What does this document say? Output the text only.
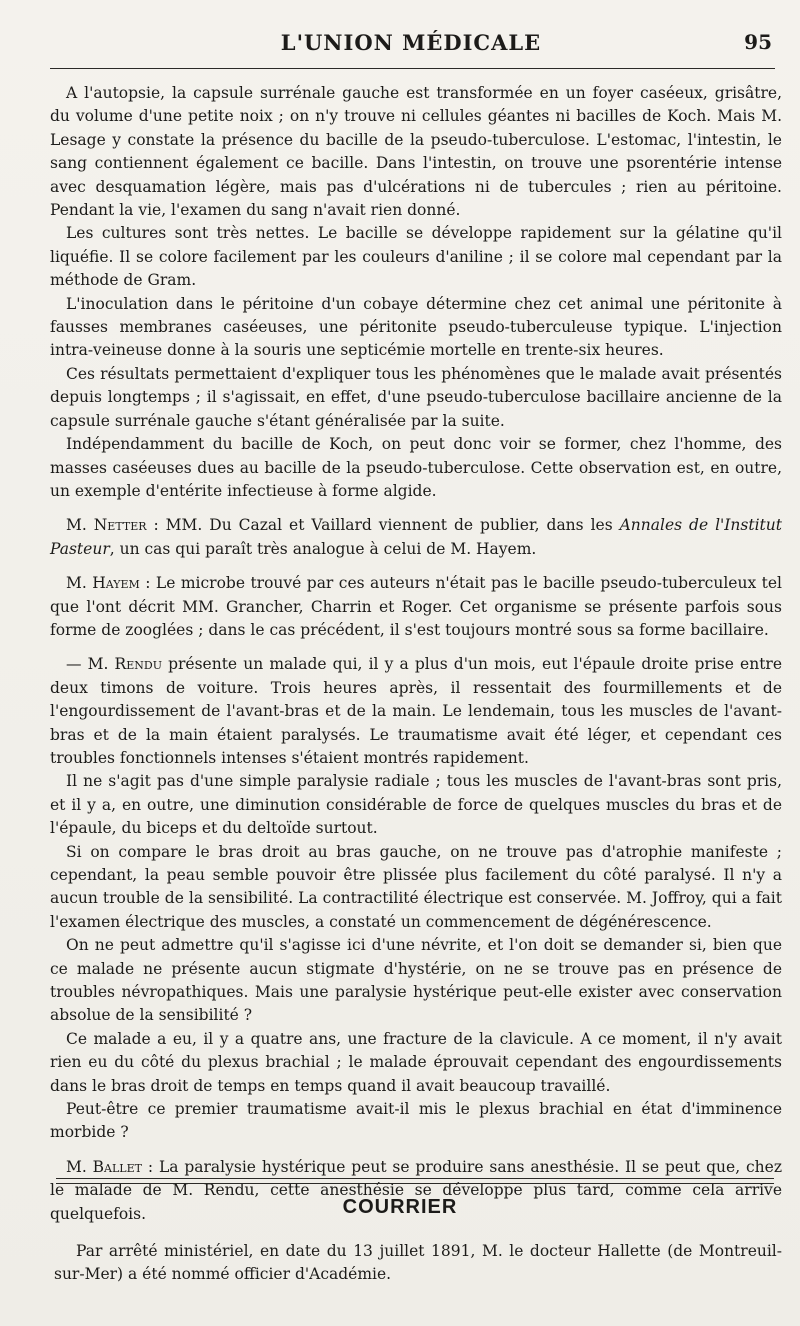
L'UNION MÉDICALE	95

A l'autopsie, la capsule surrénale gauche est transformée en un foyer caséeux, grisâtre, du volume d'une petite noix ; on n'y trouve ni cellules géantes ni bacilles de Koch. Mais M. Lesage y constate la présence du bacille de la pseudo-tuberculose. L'estomac, l'intestin, le sang contiennent également ce bacille. Dans l'intestin, on trouve une psorentérie intense avec desquamation légère, mais pas d'ulcérations ni de tubercules ; rien au péritoine. Pendant la vie, l'examen du sang n'avait rien donné.

Les cultures sont très nettes. Le bacille se développe rapidement sur la gélatine qu'il liquéfie. Il se colore facilement par les couleurs d'aniline ; il se colore mal cependant par la méthode de Gram.

L'inoculation dans le péritoine d'un cobaye détermine chez cet animal une péritonite à fausses membranes caséeuses, une péritonite pseudo-tuberculeuse typique. L'injection intra-veineuse donne à la souris une septicémie mortelle en trente-six heures.

Ces résultats permettaient d'expliquer tous les phénomènes que le malade avait présentés depuis longtemps ; il s'agissait, en effet, d'une pseudo-tuberculose bacillaire ancienne de la capsule surrénale gauche s'étant généralisée par la suite.

Indépendamment du bacille de Koch, on peut donc voir se former, chez l'homme, des masses caséeuses dues au bacille de la pseudo-tuberculose. Cette observation est, en outre, un exemple d'entérite infectieuse à forme algide.

M. Netter : MM. Du Cazal et Vaillard viennent de publier, dans les Annales de l'Institut Pasteur, un cas qui paraît très analogue à celui de M. Hayem.

M. Hayem : Le microbe trouvé par ces auteurs n'était pas le bacille pseudo-tuberculeux tel que l'ont décrit MM. Grancher, Charrin et Roger. Cet organisme se présente parfois sous forme de zooglées ; dans le cas précédent, il s'est toujours montré sous sa forme bacillaire.

— M. Rendu présente un malade qui, il y a plus d'un mois, eut l'épaule droite prise entre deux timons de voiture. Trois heures après, il ressentait des fourmillements et de l'engourdissement de l'avant-bras et de la main. Le lendemain, tous les muscles de l'avant-bras et de la main étaient paralysés. Le traumatisme avait été léger, et cependant ces troubles fonctionnels intenses s'étaient montrés rapidement.

Il ne s'agit pas d'une simple paralysie radiale ; tous les muscles de l'avant-bras sont pris, et il y a, en outre, une diminution considérable de force de quelques muscles du bras et de l'épaule, du biceps et du deltoïde surtout.

Si on compare le bras droit au bras gauche, on ne trouve pas d'atrophie manifeste ; cependant, la peau semble pouvoir être plissée plus facilement du côté paralysé. Il n'y a aucun trouble de la sensibilité. La contractilité électrique est conservée. M. Joffroy, qui a fait l'examen électrique des muscles, a constaté un commencement de dégénérescence.

On ne peut admettre qu'il s'agisse ici d'une névrite, et l'on doit se demander si, bien que ce malade ne présente aucun stigmate d'hystérie, on ne se trouve pas en présence de troubles névropathiques. Mais une paralysie hystérique peut-elle exister avec conservation absolue de la sensibilité ?

Ce malade a eu, il y a quatre ans, une fracture de la clavicule. A ce moment, il n'y avait rien eu du côté du plexus brachial ; le malade éprouvait cependant des engourdissements dans le bras droit de temps en temps quand il avait beaucoup travaillé.

Peut-être ce premier traumatisme avait-il mis le plexus brachial en état d'imminence morbide ?

M. Ballet : La paralysie hystérique peut se produire sans anesthésie. Il se peut que, chez le malade de M. Rendu, cette anesthésie se développe plus tard, comme cela arrive quelquefois.	COURRIER

Par arrêté ministériel, en date du 13 juillet 1891, M. le docteur Hallette (de Montreuil-sur-Mer) a été nommé officier d'Académie.
